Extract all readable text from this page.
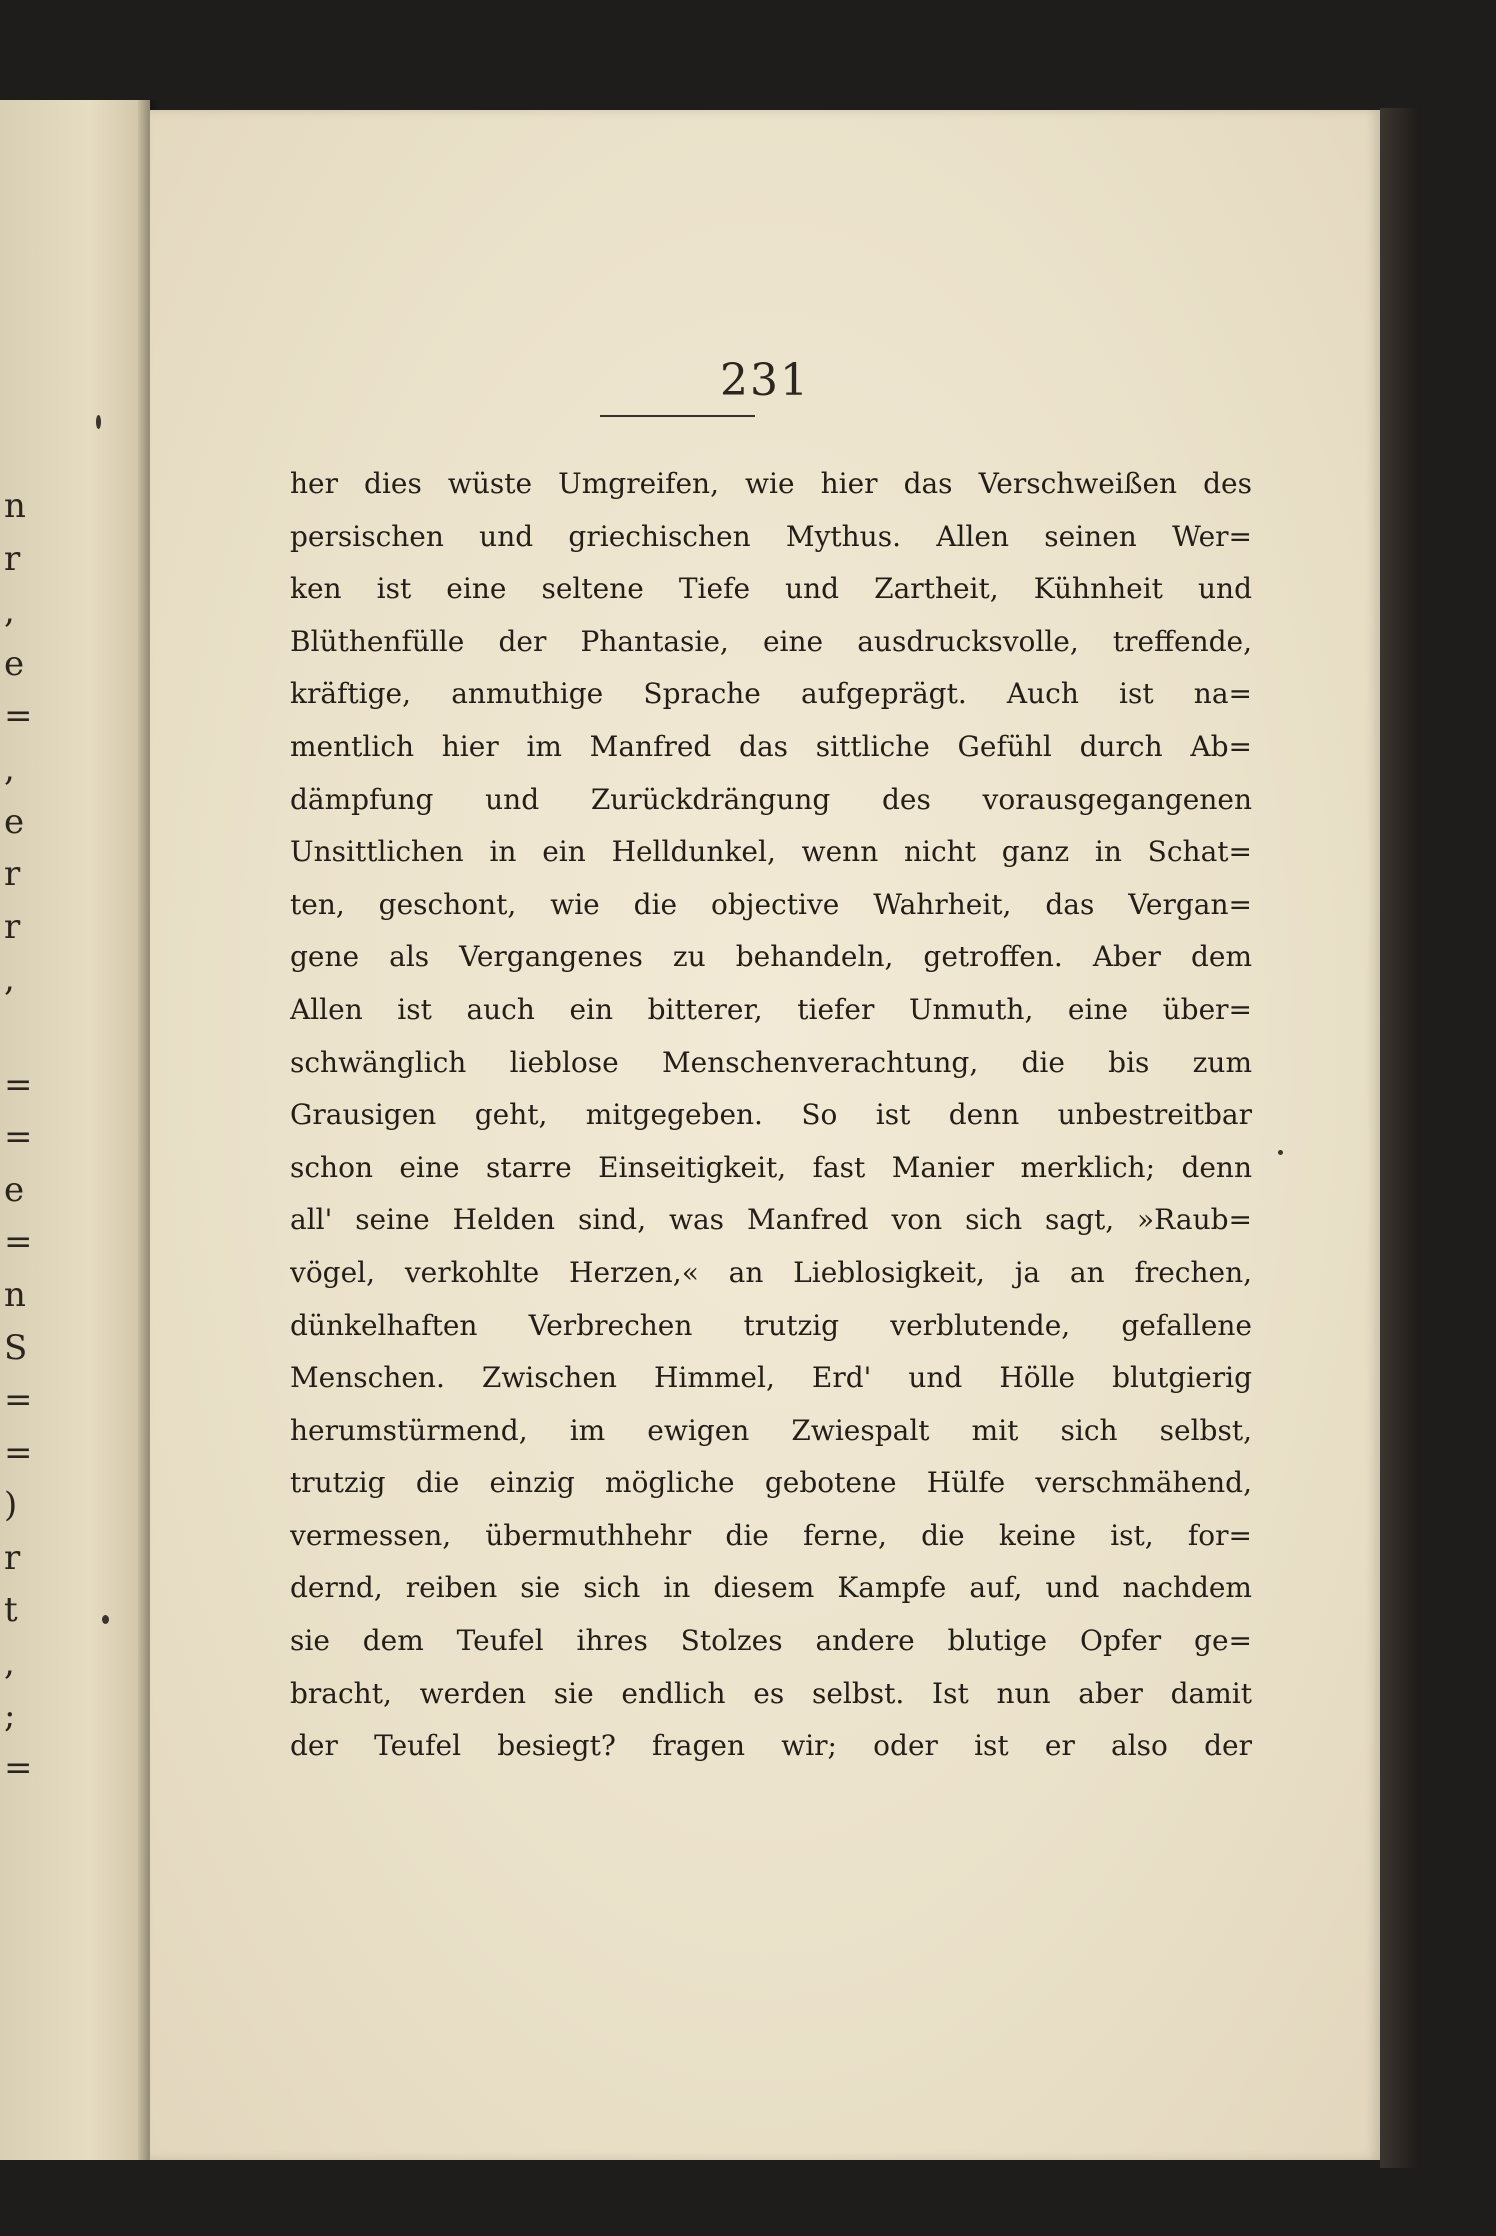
n
r
,
e
=
,
e
r
r
,

=
=
e
=
n
S
=
=
)
r
t
,
;
=
231
her dies wüste Umgreifen, wie hier das Verschweißen des
persischen und griechischen Mythus. Allen seinen Wer=
ken ist eine seltene Tiefe und Zartheit, Kühnheit und
Blüthenfülle der Phantasie, eine ausdrucksvolle, treffende,
kräftige, anmuthige Sprache aufgeprägt. Auch ist na=
mentlich hier im Manfred das sittliche Gefühl durch Ab=
dämpfung und Zurückdrängung des vorausgegangenen
Unsittlichen in ein Helldunkel, wenn nicht ganz in Schat=
ten, geschont, wie die objective Wahrheit, das Vergan=
gene als Vergangenes zu behandeln, getroffen. Aber dem
Allen ist auch ein bitterer, tiefer Unmuth, eine über=
schwänglich lieblose Menschenverachtung, die bis zum
Grausigen geht, mitgegeben. So ist denn unbestreitbar
schon eine starre Einseitigkeit, fast Manier merklich; denn
all' seine Helden sind, was Manfred von sich sagt, »Raub=
vögel, verkohlte Herzen,« an Lieblosigkeit, ja an frechen,
dünkelhaften Verbrechen trutzig verblutende, gefallene
Menschen. Zwischen Himmel, Erd' und Hölle blutgierig
herumstürmend, im ewigen Zwiespalt mit sich selbst,
trutzig die einzig mögliche gebotene Hülfe verschmähend,
vermessen, übermuthhehr die ferne, die keine ist, for=
dernd, reiben sie sich in diesem Kampfe auf, und nachdem
sie dem Teufel ihres Stolzes andere blutige Opfer ge=
bracht, werden sie endlich es selbst. Ist nun aber damit
der Teufel besiegt? fragen wir; oder ist er also der
